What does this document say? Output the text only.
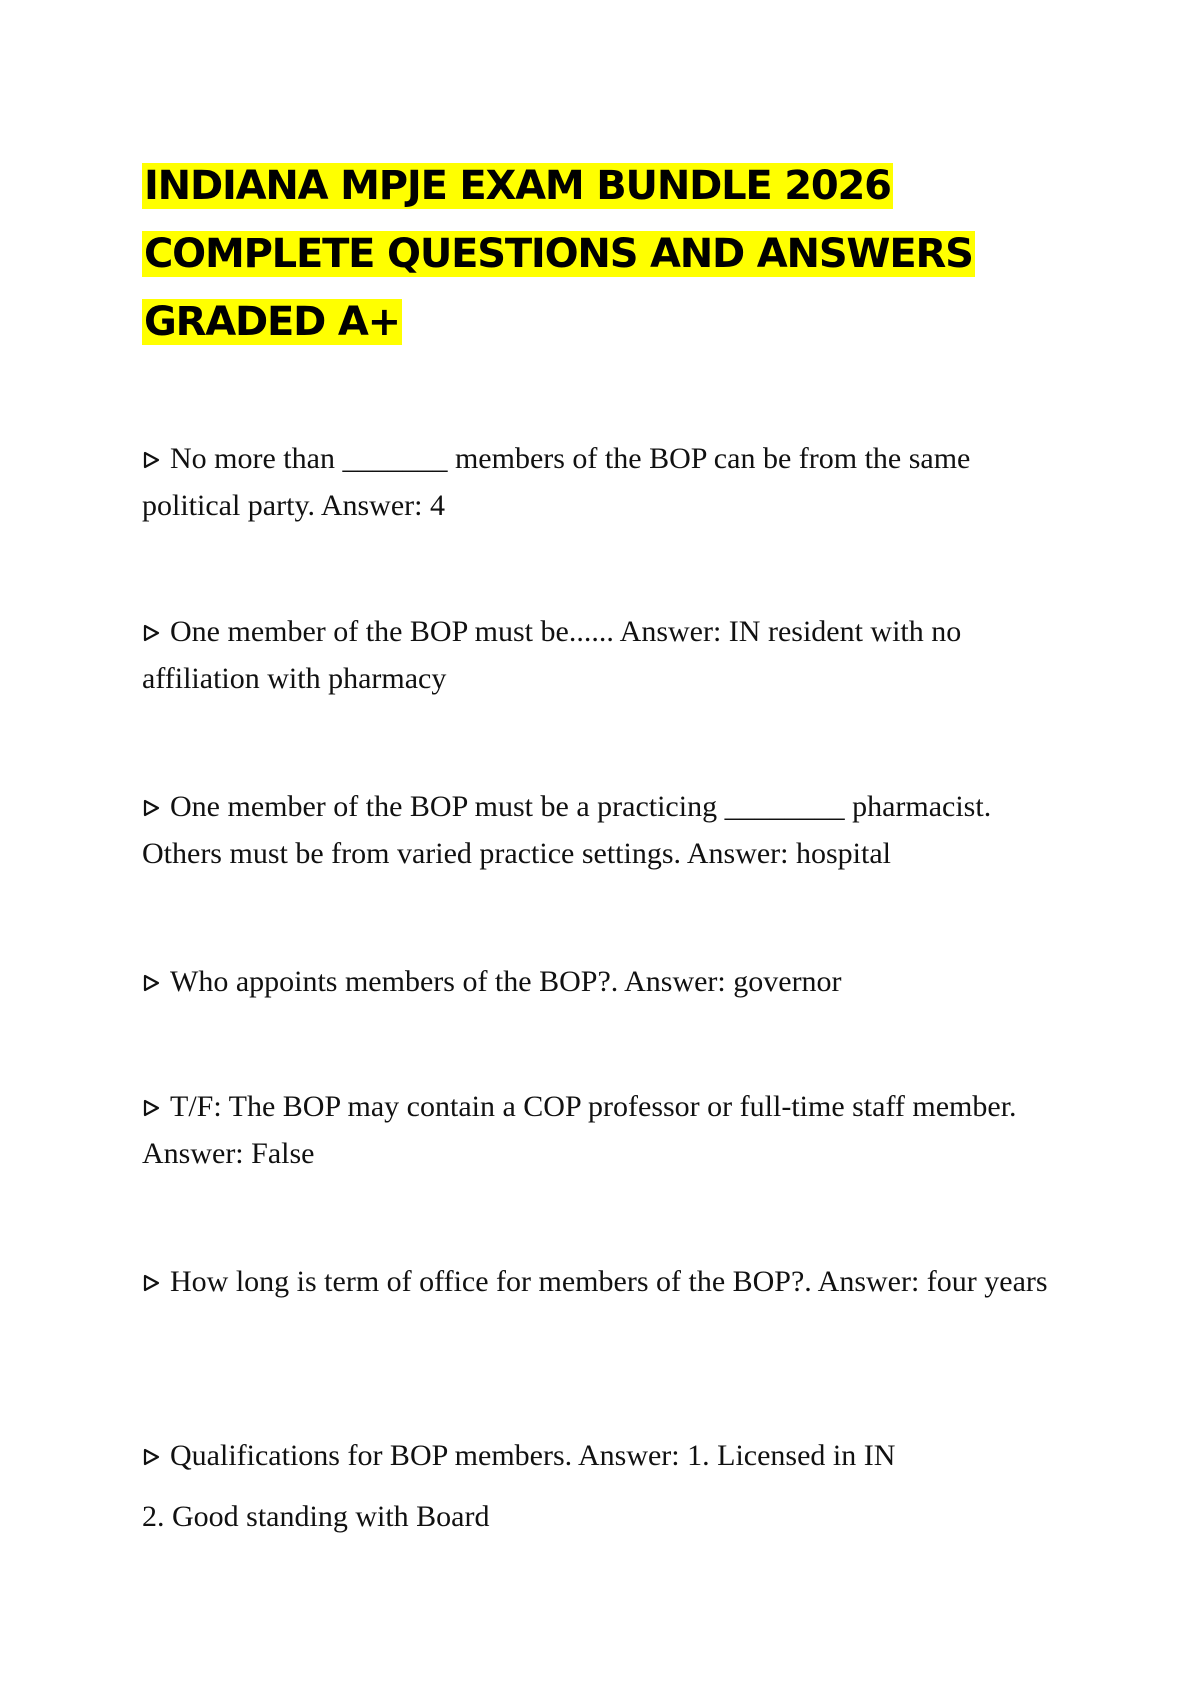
INDIANA MPJE EXAM BUNDLE 2026
COMPLETE QUESTIONS AND ANSWERS
GRADED A+

No more than _______ members of the BOP can be from the same political party. Answer: 4

One member of the BOP must be...... Answer: IN resident with no affiliation with pharmacy

One member of the BOP must be a practicing ________ pharmacist. Others must be from varied practice settings. Answer: hospital

Who appoints members of the BOP?. Answer: governor

T/F: The BOP may contain a COP professor or full-time staff member. Answer: False

How long is term of office for members of the BOP?. Answer: four years

Qualifications for BOP members. Answer: 1. Licensed in IN
2. Good standing with Board
